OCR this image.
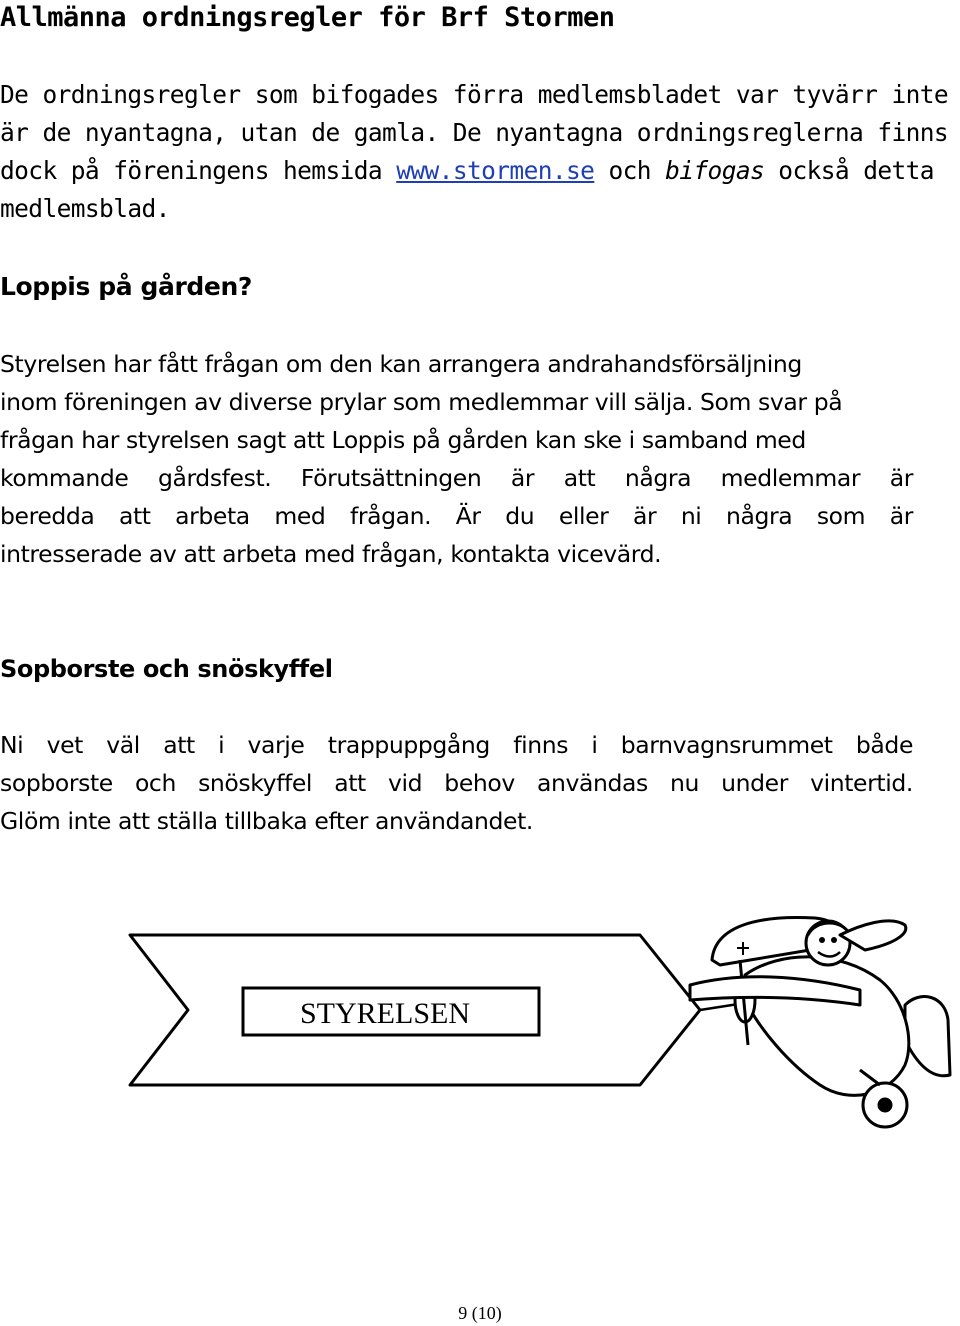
Allmänna ordningsregler för Brf Stormen
De ordningsregler som bifogades förra medlemsbladet var tyvärr inte
är de nyantagna, utan de gamla. De nyantagna ordningsreglerna finns
dock på föreningens hemsida www.stormen.se och bifogas också detta
medlemsblad.
Loppis på gården?
Styrelsen har fått frågan om den kan arrangera andrahandsförsäljning
inom föreningen av diverse prylar som medlemmar vill sälja. Som svar på
frågan har styrelsen sagt att Loppis på gården kan ske i samband med
kommande gårdsfest. Förutsättningen är att några medlemmar är
beredda att arbeta med frågan. Är du eller är ni några som är
intresserade av att arbeta med frågan, kontakta vicevärd.
Sopborste och snöskyffel
Ni vet väl att i varje trappuppgång finns i barnvagnsrummet både
sopborste och snöskyffel att vid behov användas nu under vintertid.
Glöm inte att ställa tillbaka efter användandet.
STYRELSEN
9 (10)
